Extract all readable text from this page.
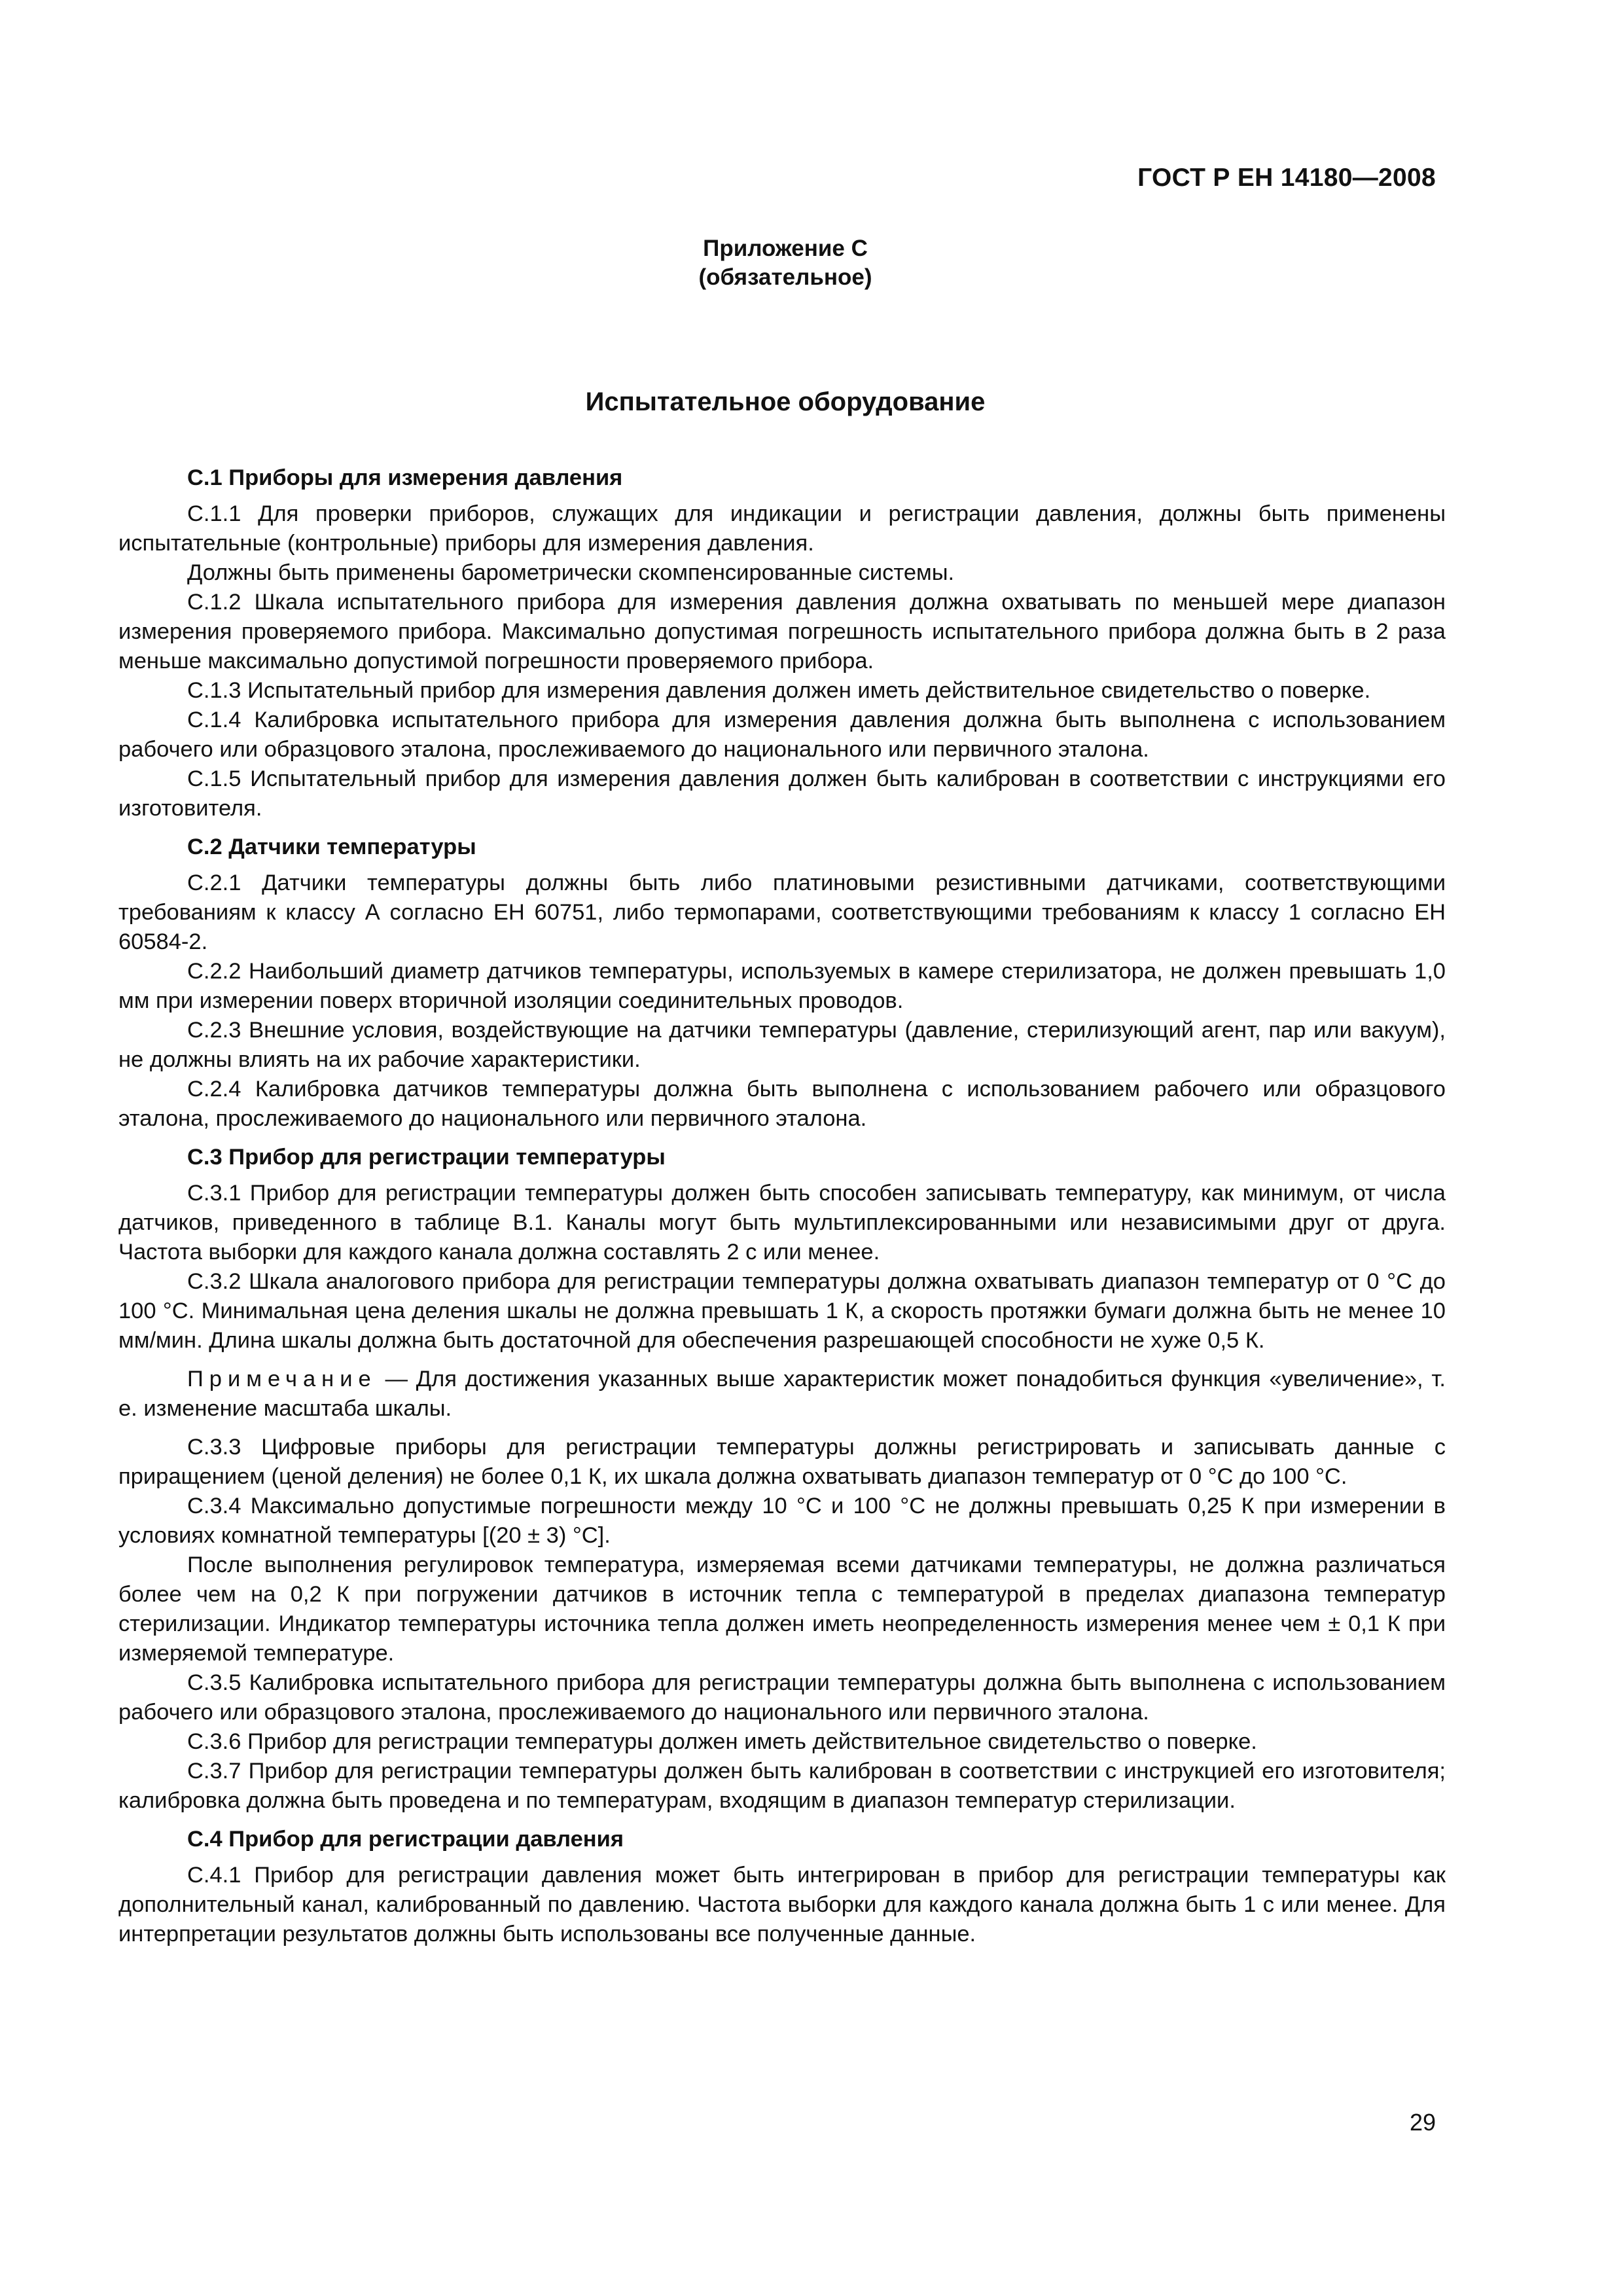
ГОСТ Р ЕН 14180—2008
Приложение С
(обязательное)
Испытательное оборудование
С.1 Приборы для измерения давления

С.1.1 Для проверки приборов, служащих для индикации и регистрации давления, должны быть применены испытательные (контрольные) приборы для измерения давления.

Должны быть применены барометрически скомпенсированные системы.

С.1.2 Шкала испытательного прибора для измерения давления должна охватывать по меньшей мере диапазон измерения проверяемого прибора. Максимально допустимая погрешность испытательного прибора должна быть в 2 раза меньше максимально допустимой погрешности проверяемого прибора.

С.1.3 Испытательный прибор для измерения давления должен иметь действительное свидетельство о поверке.

С.1.4 Калибровка испытательного прибора для измерения давления должна быть выполнена с использованием рабочего или образцового эталона, прослеживаемого до национального или первичного эталона.

С.1.5 Испытательный прибор для измерения давления должен быть калиброван в соответствии с инструкциями его изготовителя.

С.2 Датчики температуры

С.2.1 Датчики температуры должны быть либо платиновыми резистивными датчиками, соответствующими требованиям к классу А согласно ЕН 60751, либо термопарами, соответствующими требованиям к классу 1 согласно ЕН 60584-2.

С.2.2 Наибольший диаметр датчиков температуры, используемых в камере стерилизатора, не должен превышать 1,0 мм при измерении поверх вторичной изоляции соединительных проводов.

С.2.3 Внешние условия, воздействующие на датчики температуры (давление, стерилизующий агент, пар или вакуум), не должны влиять на их рабочие характеристики.

С.2.4 Калибровка датчиков температуры должна быть выполнена с использованием рабочего или образцового эталона, прослеживаемого до национального или первичного эталона.

С.3 Прибор для регистрации температуры

С.3.1 Прибор для регистрации температуры должен быть способен записывать температуру, как минимум, от числа датчиков, приведенного в таблице В.1. Каналы могут быть мультиплексированными или независимыми друг от друга. Частота выборки для каждого канала должна составлять 2 с или менее.

С.3.2 Шкала аналогового прибора для регистрации температуры должна охватывать диапазон температур от 0 °С до 100 °С. Минимальная цена деления шкалы не должна превышать 1 К, а скорость протяжки бумаги должна быть не менее 10 мм/мин. Длина шкалы должна быть достаточной для обеспечения разрешающей способности не хуже 0,5 К.

Примечание — Для достижения указанных выше характеристик может понадобиться функция «увеличение», т. е. изменение масштаба шкалы.

С.3.3 Цифровые приборы для регистрации температуры должны регистрировать и записывать данные с приращением (ценой деления) не более 0,1 К, их шкала должна охватывать диапазон температур от 0 °С до 100 °С.

С.3.4 Максимально допустимые погрешности между 10 °С и 100 °С не должны превышать 0,25 К при измерении в условиях комнатной температуры [(20 ± 3) °С].

После выполнения регулировок температура, измеряемая всеми датчиками температуры, не должна различаться более чем на 0,2 К при погружении датчиков в источник тепла с температурой в пределах диапазона температур стерилизации. Индикатор температуры источника тепла должен иметь неопределенность измерения менее чем ± 0,1 К при измеряемой температуре.

С.3.5 Калибровка испытательного прибора для регистрации температуры должна быть выполнена с использованием рабочего или образцового эталона, прослеживаемого до национального или первичного эталона.

С.3.6 Прибор для регистрации температуры должен иметь действительное свидетельство о поверке.

С.3.7 Прибор для регистрации температуры должен быть калиброван в соответствии с инструкцией его изготовителя; калибровка должна быть проведена и по температурам, входящим в диапазон температур стерилизации.

С.4 Прибор для регистрации давления

С.4.1 Прибор для регистрации давления может быть интегрирован в прибор для регистрации температуры как дополнительный канал, калиброванный по давлению. Частота выборки для каждого канала должна быть 1 с или менее. Для интерпретации результатов должны быть использованы все полученные данные.

29
